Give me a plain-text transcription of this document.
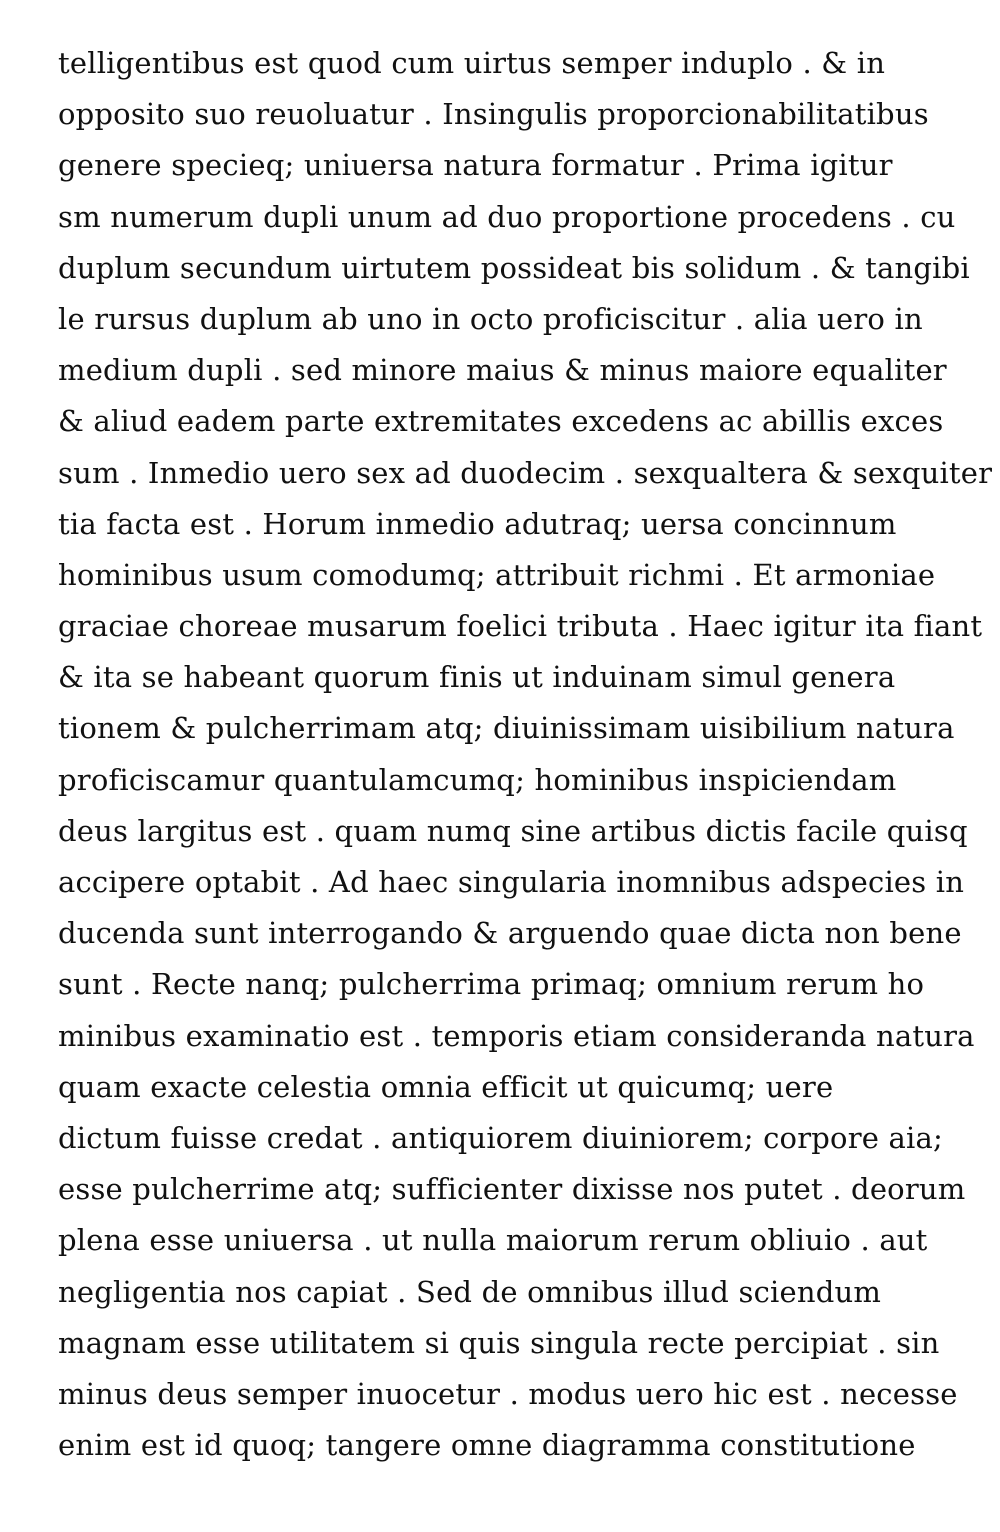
telligentibus est quod cum uirtus semper induplo . & in
opposito suo reuoluatur . Insingulis proporcionabilitatibus
genere specieq; uniuersa natura formatur . Prima igitur
sm numerum dupli unum ad duo proportione procedens . cu
duplum secundum uirtutem possideat bis solidum . & tangibi
le rursus duplum ab uno in octo proficiscitur . alia uero in
medium dupli . sed minore maius & minus maiore equaliter
& aliud eadem parte extremitates excedens ac abillis exces
sum . Inmedio uero sex ad duodecim . sexqualtera & sexquiter
tia facta est . Horum inmedio adutraq; uersa concinnum
hominibus usum comodumq; attribuit richmi . Et armoniae
graciae choreae musarum foelici tributa . Haec igitur ita fiant
& ita se habeant quorum finis ut induinam simul genera
tionem & pulcherrimam atq; diuinissimam uisibilium natura
proficiscamur quantulamcumq; hominibus inspiciendam
deus largitus est . quam numq sine artibus dictis facile quisq
accipere optabit . Ad haec singularia inomnibus adspecies in
ducenda sunt interrogando & arguendo quae dicta non bene
sunt . Recte nanq; pulcherrima primaq; omnium rerum ho
minibus examinatio est . temporis etiam consideranda natura
quam exacte celestia omnia efficit ut quicumq; uere
dictum fuisse credat . antiquiorem diuiniorem; corpore aia;
esse pulcherrime atq; sufficienter dixisse nos putet . deorum
plena esse uniuersa . ut nulla maiorum rerum obliuio . aut
negligentia nos capiat . Sed de omnibus illud sciendum
magnam esse utilitatem si quis singula recte percipiat . sin
minus deus semper inuocetur . modus uero hic est . necesse
enim est id quoq; tangere omne diagramma constitutione
